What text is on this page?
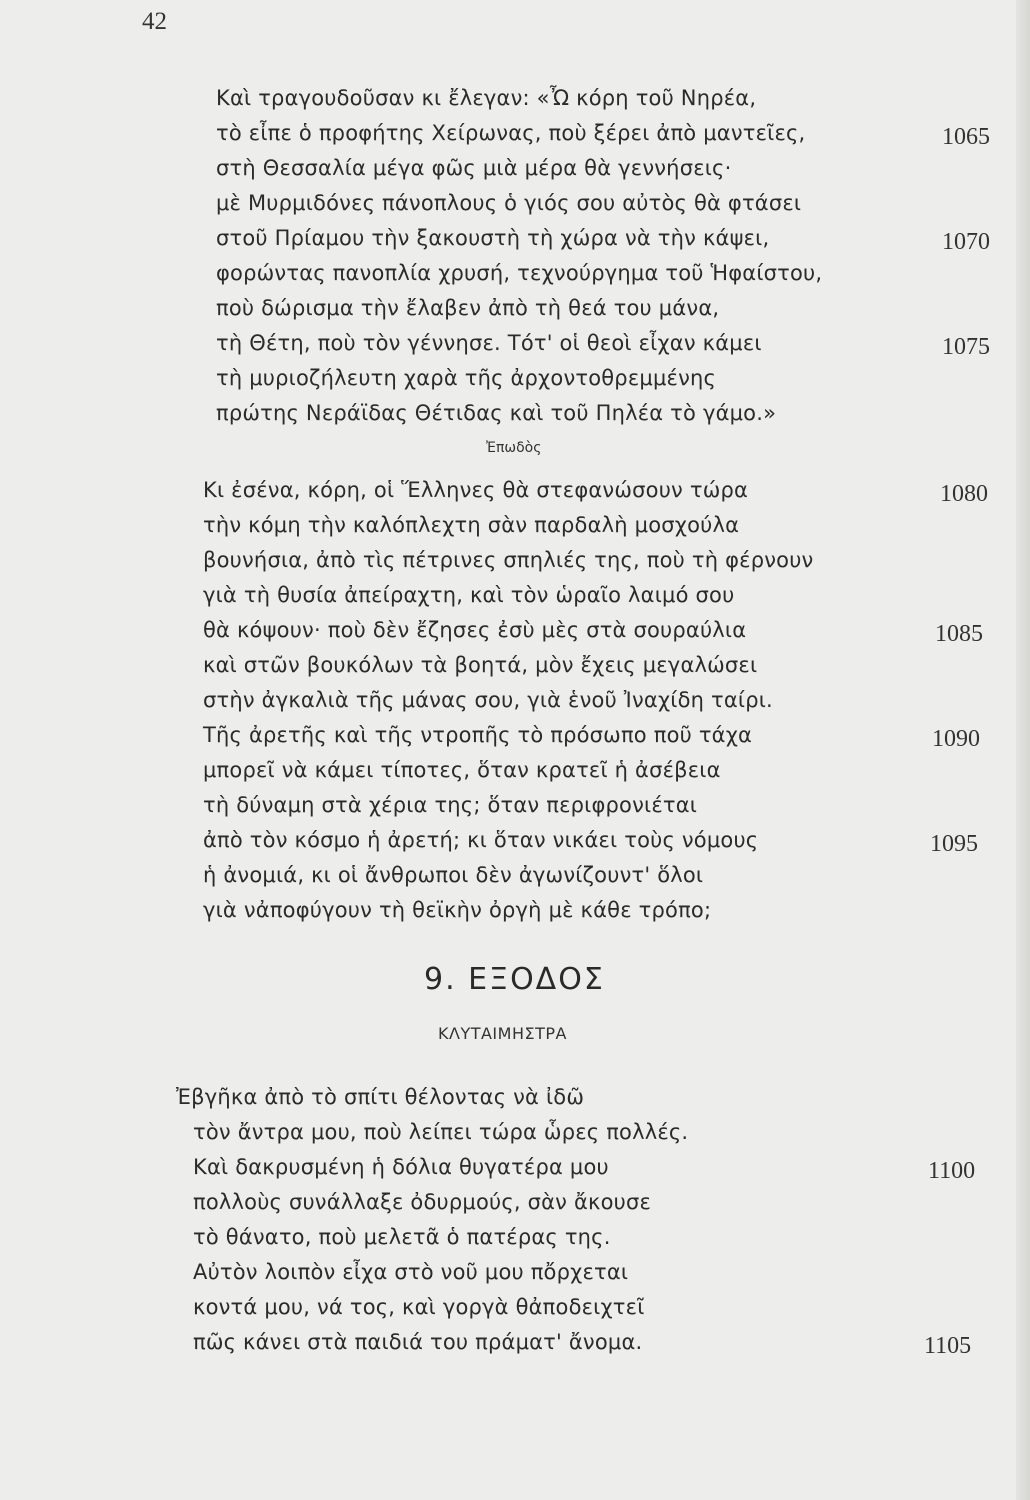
42
Καὶ τραγουδοῦσαν κι ἔλεγαν: «Ὦ κόρη τοῦ Νηρέα,
τὸ εἶπε ὁ προφήτης Χείρωνας, ποὺ ξέρει ἀπὸ μαντεῖες,
στὴ Θεσσαλία μέγα φῶς μιὰ μέρα θὰ γεννήσεις·
μὲ Μυρμιδόνες πάνοπλους ὁ γιός σου αὐτὸς θὰ φτάσει
στοῦ Πρίαμου τὴν ξακουστὴ τὴ χώρα νὰ τὴν κάψει,
φορώντας πανοπλία χρυσή, τεχνούργημα τοῦ Ἡφαίστου,
ποὺ δώρισμα τὴν ἔλαβεν ἀπὸ τὴ θεά του μάνα,
τὴ Θέτη, ποὺ τὸν γέννησε. Τότ' οἱ θεοὶ εἶχαν κάμει
τὴ μυριοζήλευτη χαρὰ τῆς ἀρχοντοθρεμμένης
πρώτης Νεράϊδας Θέτιδας καὶ τοῦ Πηλέα τὸ γάμο.»
1065
1070
1075
Ἐπωδὸς
Κι ἐσένα, κόρη, οἱ Ἕλληνες θὰ στεφανώσουν τώρα
τὴν κόμη τὴν καλόπλεχτη σὰν παρδαλὴ μοσχούλα
βουνήσια, ἀπὸ τὶς πέτρινες σπηλιές της, ποὺ τὴ φέρνουν
γιὰ τὴ θυσία ἀπείραχτη, καὶ τὸν ὡραῖο λαιμό σου
θὰ κόψουν· ποὺ δὲν ἔζησες ἐσὺ μὲς στὰ σουραύλια
καὶ στῶν βουκόλων τὰ βοητά, μὸν ἔχεις μεγαλώσει
στὴν ἀγκαλιὰ τῆς μάνας σου, γιὰ ἑνοῦ Ἰναχίδη ταίρι.
Τῆς ἀρετῆς καὶ τῆς ντροπῆς τὸ πρόσωπο ποῦ τάχα
μπορεῖ νὰ κάμει τίποτες, ὅταν κρατεῖ ἡ ἀσέβεια
τὴ δύναμη στὰ χέρια της; ὅταν περιφρονιέται
ἀπὸ τὸν κόσμο ἡ ἀρετή; κι ὅταν νικάει τοὺς νόμους
ἡ ἀνομιά, κι οἱ ἄνθρωποι δὲν ἀγωνίζουντ' ὅλοι
γιὰ νἀποφύγουν τὴ θεϊκὴν ὀργὴ μὲ κάθε τρόπο;
1080
1085
1090
1095
9. ΕΞΟΔΟΣ
ΚΛΥΤΑΙΜΗΣΤΡΑ
Ἐβγῆκα ἀπὸ τὸ σπίτι θέλοντας νὰ ἰδῶ
τὸν ἄντρα μου, ποὺ λείπει τώρα ὧρες πολλές.
Καὶ δακρυσμένη ἡ δόλια θυγατέρα μου
πολλοὺς συνάλλαξε ὀδυρμούς, σὰν ἄκουσε
τὸ θάνατο, ποὺ μελετᾶ ὁ πατέρας της.
Αὐτὸν λοιπὸν εἶχα στὸ νοῦ μου πὄρχεται
κοντά μου, νά τος, καὶ γοργὰ θἀποδειχτεῖ
πῶς κάνει στὰ παιδιά του πράματ' ἄνομα.
1100
1105
